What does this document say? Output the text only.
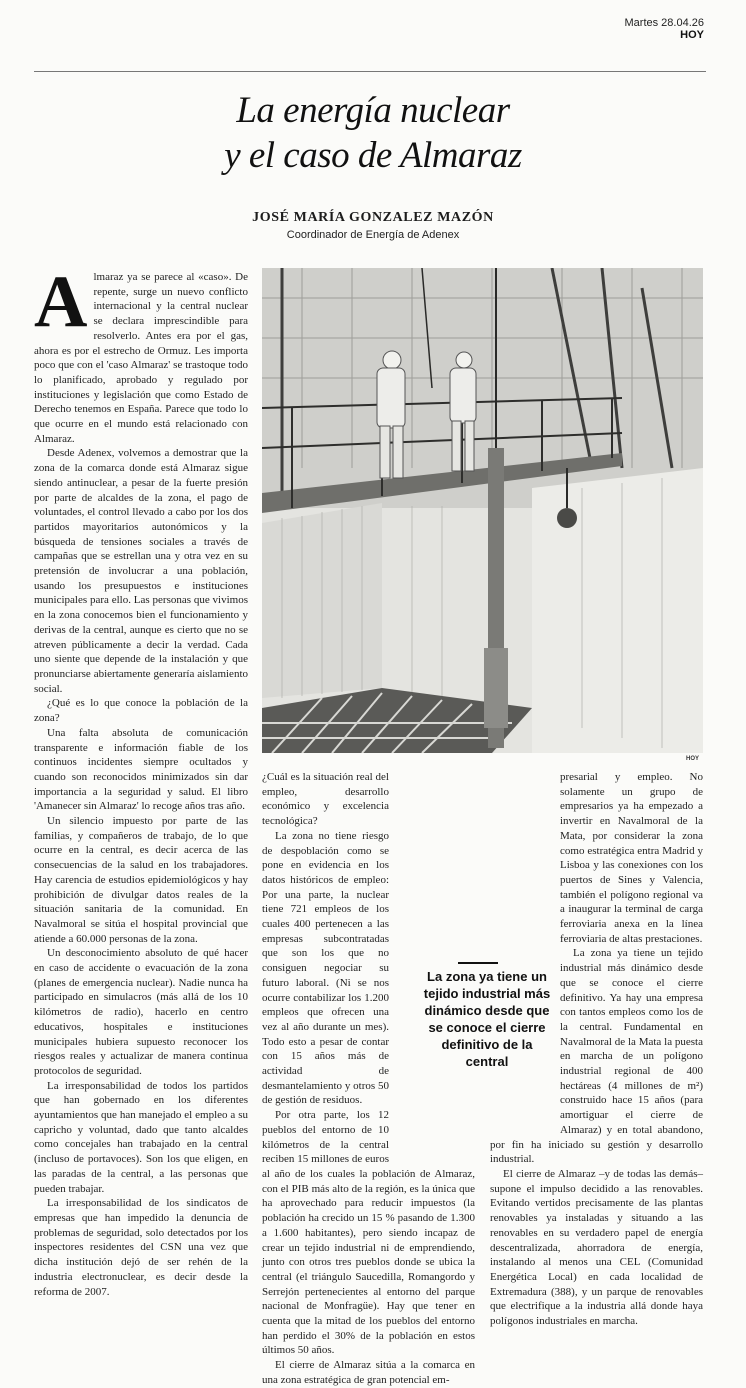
Martes 28.04.26
HOY
La energía nuclear
y el caso de Almaraz
JOSÉ MARÍA GONZALEZ MAZÓN
Coordinador de Energía de Adenex

Almaraz ya se parece al «caso». De repente, surge un nuevo conflicto internacional y la central nuclear se declara imprescindible para resolverlo. Antes era por el gas, ahora es por el estrecho de Ormuz. Les importa poco que con el 'caso Almaraz' se trastoque todo lo planificado, aprobado y regulado por instituciones y legislación que como Estado de Derecho tenemos en España. Parece que todo lo que ocurre en el mundo está relacionado con Almaraz.

Desde Adenex, volvemos a demostrar que la zona de la comarca donde está Almaraz sigue siendo antinuclear, a pesar de la fuerte presión por parte de alcaldes de la zona, el pago de voluntades, el control llevado a cabo por los dos partidos mayoritarios autonómicos y la búsqueda de tensiones sociales a través de campañas que se estrellan una y otra vez en su pretensión de involucrar a una población, usando los presupuestos e instituciones municipales para ello. Las personas que vivimos en la zona conocemos bien el funcionamiento y derivas de la central, aunque es cierto que no se atreven públicamente a decir la verdad. Cada uno siente que depende de la instalación y que pronunciarse abiertamente generaría aislamiento social.

¿Qué es lo que conoce la población de la zona?

Una falta absoluta de comunicación transparente e información fiable de los continuos incidentes siempre ocultados y cuando son reconocidos minimizados sin dar importancia a la seguridad y salud. El libro 'Amanecer sin Almaraz' lo recoge años tras año.

Un silencio impuesto por parte de las familias, y compañeros de trabajo, de lo que ocurre en la central, es decir acerca de las consecuencias de la salud en los trabajadores. Hay carencia de estudios epidemiológicos y hay prohibición de divulgar datos reales de la situación sanitaria de la comunidad. En Navalmoral se sitúa el hospital provincial que atiende a 60.000 personas de la zona.

Un desconocimiento absoluto de qué hacer en caso de accidente o evacuación de la zona (planes de emergencia nuclear). Nadie nunca ha participado en simulacros (más allá de los 10 kilómetros de radio), hacerlo en centro educativos, hospitales e instituciones municipales hubiera supuesto reconocer los riesgos reales y actualizar de manera continua protocolos de seguridad.

La irresponsabilidad de todos los partidos que han gobernado en los diferentes ayuntamientos que han manejado el empleo a su capricho y voluntad, dado que tanto alcaldes como concejales han trabajado en la central (incluso de portavoces). Son los que eligen, en las paradas de la central, a las personas que pueden trabajar.

La irresponsabilidad de los sindicatos de empresas que han impedido la denuncia de problemas de seguridad, solo detectados por los inspectores residentes del CSN una vez que dicha institución dejó de ser rehén de la industria electronuclear, es decir desde la reforma de 2007.

HOY
La zona ya tiene un tejido industrial más dinámico desde que se conoce el cierre definitivo de la central

¿Cuál es la situación real del empleo, desarrollo económico y excelencia tecnológica?

La zona no tiene riesgo de despoblación como se pone en evidencia en los datos históricos de empleo: Por una parte, la nuclear tiene 721 empleos de los cuales 400 pertenecen a las empresas subcontratadas que son los que no consiguen negociar su futuro laboral. (Ni se nos ocurre contabilizar los 1.200 empleos que ofrecen una vez al año durante un mes). Todo esto a pesar de contar con 15 años más de actividad de desmantelamiento y otros 50 de gestión de residuos.

Por otra parte, los 12 pueblos del entorno de 10 kilómetros de la central reciben 15 millones de euros al año de los cuales la población de Almaraz, con el PIB más alto de la región, es la única que ha aprovechado para reducir impuestos (la población ha crecido un 15 % pasando de 1.300 a 1.600 habitantes), pero siendo incapaz de crear un tejido industrial ni de emprendiendo, junto con otros tres pueblos donde se ubica la central (el triángulo Saucedilla, Romangordo y Serrejón pertenecientes al entorno del parque nacional de Monfragüe). Hay que tener en cuenta que la mitad de los pueblos del entorno han perdido el 30% de la población en estos últimos 50 años.

El cierre de Almaraz sitúa a la comarca en una zona estratégica de gran potencial em-

presarial y empleo. No solamente un grupo de empresarios ya ha empezado a invertir en Navalmoral de la Mata, por considerar la zona como estratégica entra Madrid y Lisboa y las conexiones con los puertos de Sines y Valencia, también el polígono regional va a inaugurar la terminal de carga ferroviaria anexa en la línea ferroviaria de altas prestaciones.

La zona ya tiene un tejido industrial más dinámico desde que se conoce el cierre definitivo. Ya hay una empresa con tantos empleos como los de la central. Fundamental en Navalmoral de la Mata la puesta en marcha de un polígono industrial regional de 400 hectáreas (4 millones de m²) construido hace 15 años (para amortiguar el cierre de Almaraz) y en total abandono, por fin ha iniciado su gestión y desarrollo industrial.

El cierre de Almaraz –y de todas las demás– supone el impulso decidido a las renovables. Evitando vertidos precisamente de las plantas renovables ya instaladas y situando a las renovables en su verdadero papel de energía descentralizada, ahorradora de energía, instalando al menos una CEL (Comunidad Energética Local) en cada localidad de Extremadura (388), y un parque de renovables que electrifique a la industria allá donde haya polígonos industriales en marcha.
